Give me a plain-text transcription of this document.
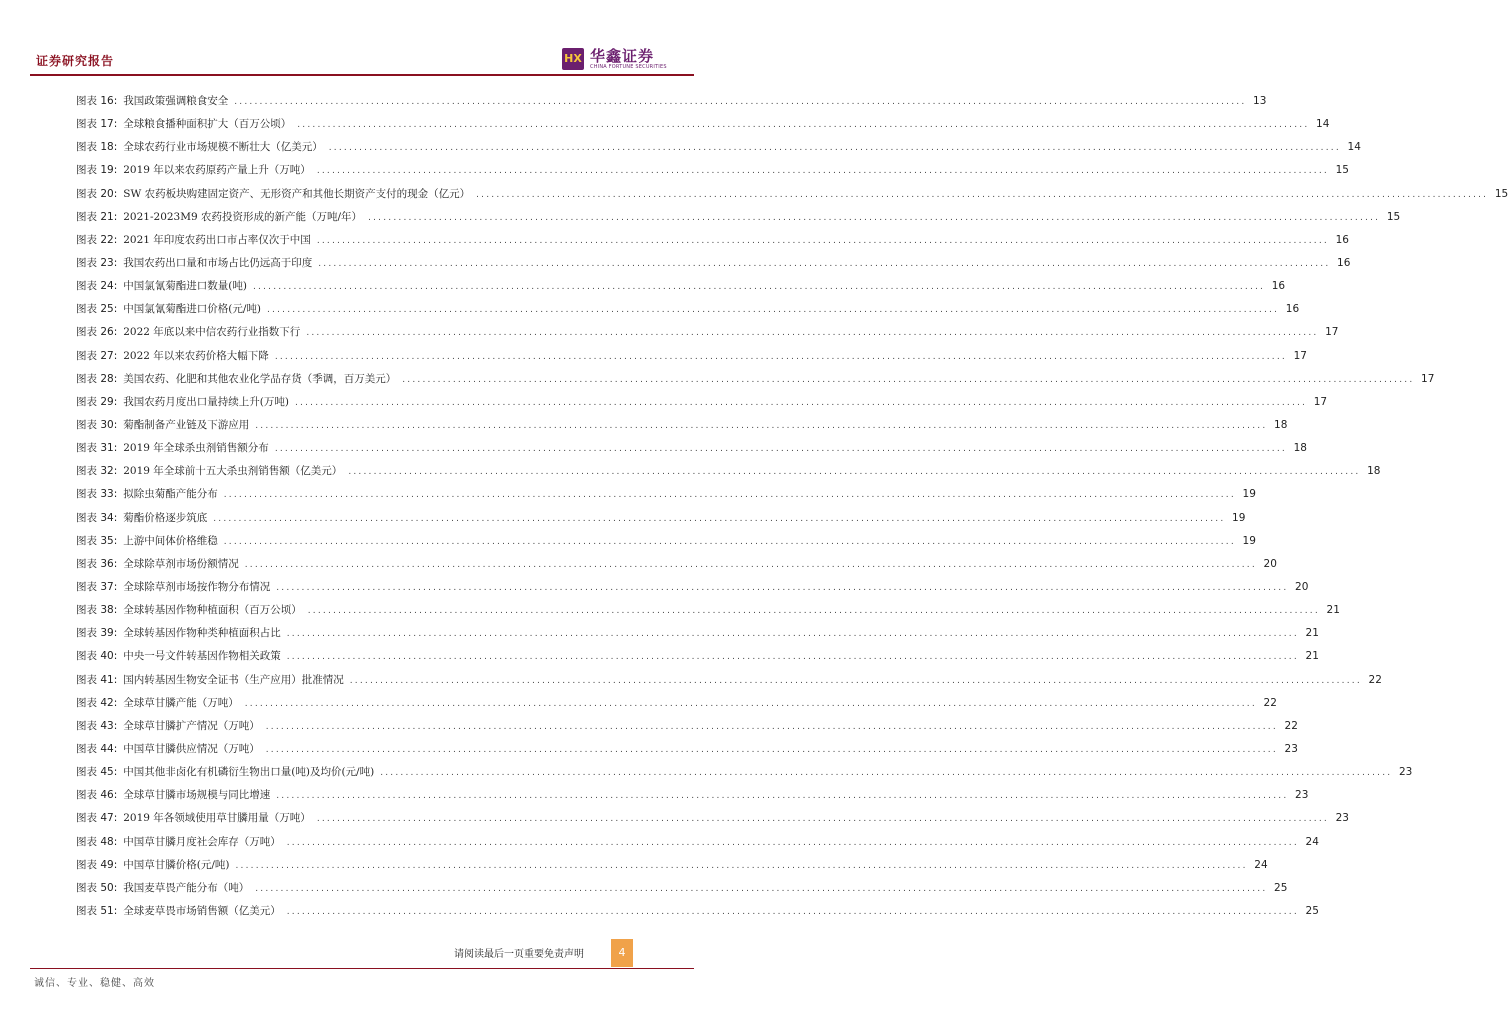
证券研究报告	HX 华鑫证券
CHINA FORTUNE SECURITIES
图表 16: 我国政策强调粮食安全 ........................................................................................................................................................................................................ 13
图表 17: 全球粮食播种面积扩大（百万公顷） ........................................................................................................................................................................................................ 14
图表 18: 全球农药行业市场规模不断壮大（亿美元） ........................................................................................................................................................................................................ 14
图表 19: 2019 年以来农药原药产量上升（万吨） ........................................................................................................................................................................................................ 15
图表 20: SW 农药板块购建固定资产、无形资产和其他长期资产支付的现金（亿元） ........................................................................................................................................................................................................ 15
图表 21: 2021-2023M9 农药投资形成的新产能（万吨/年） ........................................................................................................................................................................................................ 15
图表 22: 2021 年印度农药出口市占率仅次于中国 ........................................................................................................................................................................................................ 16
图表 23: 我国农药出口量和市场占比仍远高于印度 ........................................................................................................................................................................................................ 16
图表 24: 中国氯氰菊酯进口数量(吨) ........................................................................................................................................................................................................ 16
图表 25: 中国氯氰菊酯进口价格(元/吨) ........................................................................................................................................................................................................ 16
图表 26: 2022 年底以来中信农药行业指数下行 ........................................................................................................................................................................................................ 17
图表 27: 2022 年以来农药价格大幅下降 ........................................................................................................................................................................................................ 17
图表 28: 美国农药、化肥和其他农业化学品存货（季调，百万美元） ........................................................................................................................................................................................................ 17
图表 29: 我国农药月度出口量持续上升(万吨) ........................................................................................................................................................................................................ 17
图表 30: 菊酯制备产业链及下游应用 ........................................................................................................................................................................................................ 18
图表 31: 2019 年全球杀虫剂销售额分布 ........................................................................................................................................................................................................ 18
图表 32: 2019 年全球前十五大杀虫剂销售额（亿美元） ........................................................................................................................................................................................................ 18
图表 33: 拟除虫菊酯产能分布 ........................................................................................................................................................................................................ 19
图表 34: 菊酯价格逐步筑底 ........................................................................................................................................................................................................ 19
图表 35: 上游中间体价格维稳 ........................................................................................................................................................................................................ 19
图表 36: 全球除草剂市场份额情况 ........................................................................................................................................................................................................ 20
图表 37: 全球除草剂市场按作物分布情况 ........................................................................................................................................................................................................ 20
图表 38: 全球转基因作物种植面积（百万公顷） ........................................................................................................................................................................................................ 21
图表 39: 全球转基因作物种类种植面积占比 ........................................................................................................................................................................................................ 21
图表 40: 中央一号文件转基因作物相关政策 ........................................................................................................................................................................................................ 21
图表 41: 国内转基因生物安全证书（生产应用）批准情况 ........................................................................................................................................................................................................ 22
图表 42: 全球草甘膦产能（万吨） ........................................................................................................................................................................................................ 22
图表 43: 全球草甘膦扩产情况（万吨） ........................................................................................................................................................................................................ 22
图表 44: 中国草甘膦供应情况（万吨） ........................................................................................................................................................................................................ 23
图表 45: 中国其他非卤化有机磷衍生物出口量(吨)及均价(元/吨) ........................................................................................................................................................................................................ 23
图表 46: 全球草甘膦市场规模与同比增速 ........................................................................................................................................................................................................ 23
图表 47: 2019 年各领域使用草甘膦用量（万吨） ........................................................................................................................................................................................................ 23
图表 48: 中国草甘膦月度社会库存（万吨） ........................................................................................................................................................................................................ 24
图表 49: 中国草甘膦价格(元/吨) ........................................................................................................................................................................................................ 24
图表 50: 我国麦草畏产能分布（吨） ........................................................................................................................................................................................................ 25
图表 51: 全球麦草畏市场销售额（亿美元） ........................................................................................................................................................................................................ 25
请阅读最后一页重要免责声明	4
诚信、专业、稳健、高效
